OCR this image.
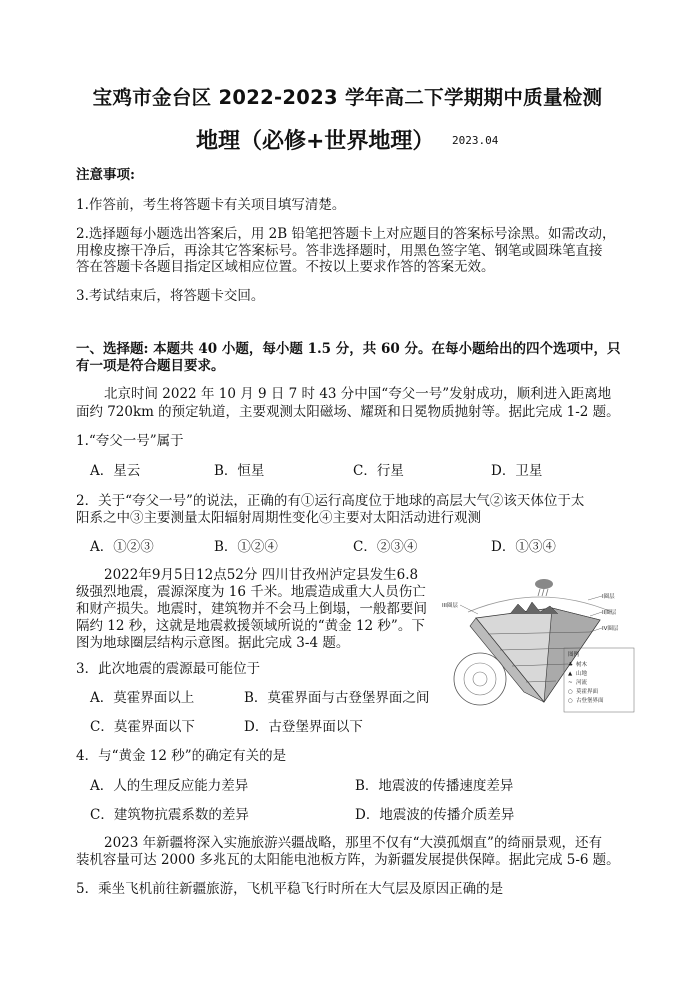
宝鸡市金台区 2022-2023 学年高二下学期期中质量检测
地理（必修+世界地理） 2023.04
注意事项:
1.作答前，考生将答题卡有关项目填写清楚。
2.选择题每小题选出答案后，用 2B 铅笔把答题卡上对应题目的答案标号涂黑。如需改动，
用橡皮擦干净后，再涂其它答案标号。答非选择题时，用黑色签字笔、钢笔或圆珠笔直接
答在答题卡各题目指定区域相应位置。不按以上要求作答的答案无效。
3.考试结束后，将答题卡交回。
一、选择题: 本题共 40 小题，每小题 1.5 分，共 60 分。在每小题给出的四个选项中，只
有一项是符合题目要求。
北京时间 2022 年 10 月 9 日 7 时 43 分中国“夸父一号”发射成功，顺利进入距离地
面约 720km 的预定轨道，主要观测太阳磁场、耀斑和日冕物质抛射等。据此完成 1-2 题。
1.“夸父一号”属于
A．星云	B．恒星	C．行星	D．卫星
2．关于“夸父一号”的说法，正确的有①运行高度位于地球的高层大气②该天体位于太
阳系之中③主要测量太阳辐射周期性变化④主要对太阳活动进行观测
A．①②③	B．①②④	C．②③④	D．①③④
2022年9月5日12点52分 四川甘孜州泸定县发生6.8
级强烈地震，震源深度为 16 千米。地震造成重大人员伤亡
和财产损失。地震时，建筑物并不会马上倒塌，一般都要间
隔约 12 秒，这就是地震救援领域所说的“黄金 12 秒”。下
图为地球圈层结构示意图。据此完成 3-4 题。
III圈层
I圈层
II圈层
IV圈层
图例
♣ 树木
▲ 山地
~ 河流
○ 莫霍界面
○ 古登堡界面
3．此次地震的震源最可能位于
A．莫霍界面以上	B．莫霍界面与古登堡界面之间
C．莫霍界面以下	D．古登堡界面以下
4．与“黄金 12 秒”的确定有关的是
A．人的生理反应能力差异	B．地震波的传播速度差异
C．建筑物抗震系数的差异	D．地震波的传播介质差异
2023 年新疆将深入实施旅游兴疆战略，那里不仅有“大漠孤烟直”的绮丽景观，还有
装机容量可达 2000 多兆瓦的太阳能电池板方阵，为新疆发展提供保障。据此完成 5-6 题。
5．乘坐飞机前往新疆旅游，飞机平稳飞行时所在大气层及原因正确的是
